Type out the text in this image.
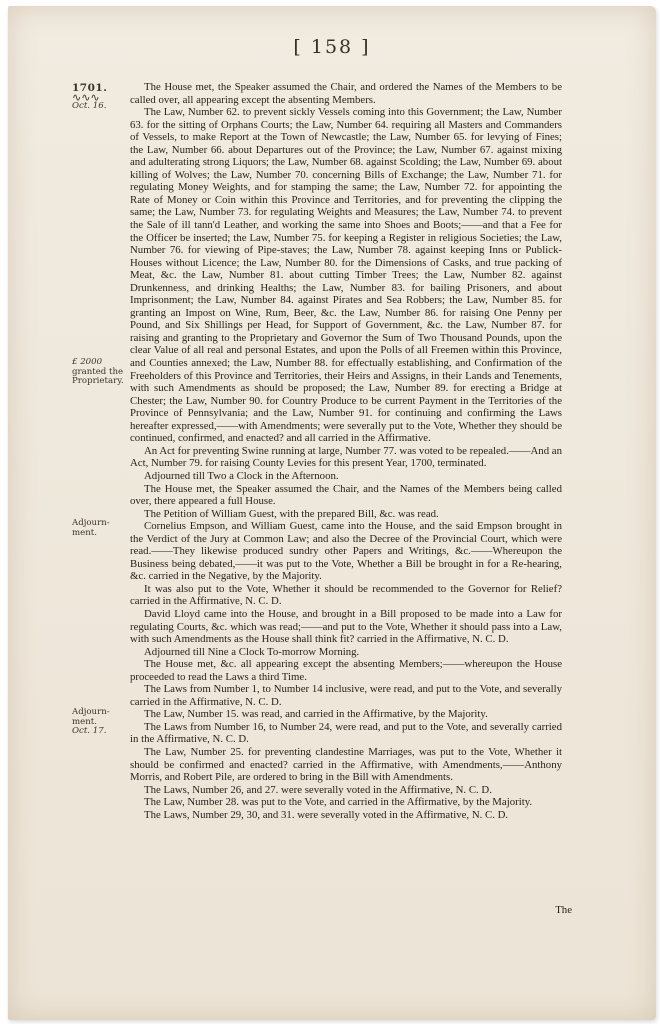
[ 158 ]
1701.
∿∿∿
Oct. 16.
£ 2000
granted the
Proprietary.
Adjourn-
ment.
Adjourn-
ment.
Oct. 17.

The House met, the Speaker assumed the Chair, and ordered the Names of the Members to be called over, all appearing except the absenting Members.

The Law, Number 62. to prevent sickly Vessels coming into this Government; the Law, Number 63. for the sitting of Orphans Courts; the Law, Number 64. requiring all Masters and Commanders of Vessels, to make Report at the Town of Newcastle; the Law, Number 65. for levying of Fines; the Law, Number 66. about Departures out of the Province; the Law, Number 67. against mixing and adulterating strong Liquors; the Law, Number 68. against Scolding; the Law, Number 69. about killing of Wolves; the Law, Number 70. concerning Bills of Exchange; the Law, Number 71. for regulating Money Weights, and for stamping the same; the Law, Number 72. for appointing the Rate of Money or Coin within this Province and Territories, and for preventing the clipping the same; the Law, Number 73. for regulating Weights and Measures; the Law, Number 74. to prevent the Sale of ill tann'd Leather, and working the same into Shoes and Boots;——and that a Fee for the Officer be inserted; the Law, Number 75. for keeping a Register in religious Societies; the Law, Number 76. for viewing of Pipe-staves; the Law, Number 78. against keeping Inns or Publick-Houses without Licence; the Law, Number 80. for the Dimensions of Casks, and true packing of Meat, &c. the Law, Number 81. about cutting Timber Trees; the Law, Number 82. against Drunkenness, and drinking Healths; the Law, Number 83. for bailing Prisoners, and about Imprisonment; the Law, Number 84. against Pirates and Sea Robbers; the Law, Number 85. for granting an Impost on Wine, Rum, Beer, &c. the Law, Number 86. for raising One Penny per Pound, and Six Shillings per Head, for Support of Government, &c. the Law, Number 87. for raising and granting to the Proprietary and Governor the Sum of Two Thousand Pounds, upon the clear Value of all real and personal Estates, and upon the Polls of all Freemen within this Province, and Counties annexed; the Law, Number 88. for effectually establishing, and Confirmation of the Freeholders of this Province and Territories, their Heirs and Assigns, in their Lands and Tenements, with such Amendments as should be proposed; the Law, Number 89. for erecting a Bridge at Chester; the Law, Number 90. for Country Produce to be current Payment in the Territories of the Province of Pennsylvania; and the Law, Number 91. for continuing and confirming the Laws hereafter expressed,——with Amendments; were severally put to the Vote, Whether they should be continued, confirmed, and enacted? and all carried in the Affirmative.

An Act for preventing Swine running at large, Number 77. was voted to be repealed.——And an Act, Number 79. for raising County Levies for this present Year, 1700, terminated.

Adjourned till Two a Clock in the Afternoon.

The House met, the Speaker assumed the Chair, and the Names of the Members being called over, there appeared a full House.

The Petition of William Guest, with the prepared Bill, &c. was read.

Cornelius Empson, and William Guest, came into the House, and the said Empson brought in the Verdict of the Jury at Common Law; and also the Decree of the Provincial Court, which were read.——They likewise produced sundry other Papers and Writings, &c.——Whereupon the Business being debated,——it was put to the Vote, Whether a Bill be brought in for a Re-hearing, &c. carried in the Negative, by the Majority.

It was also put to the Vote, Whether it should be recommended to the Governor for Relief? carried in the Affirmative, N. C. D.

David Lloyd came into the House, and brought in a Bill proposed to be made into a Law for regulating Courts, &c. which was read;——and put to the Vote, Whether it should pass into a Law, with such Amendments as the House shall think fit? carried in the Affirmative, N. C. D.

Adjourned till Nine a Clock To-morrow Morning.

The House met, &c. all appearing except the absenting Members;——whereupon the House proceeded to read the Laws a third Time.

The Laws from Number 1, to Number 14 inclusive, were read, and put to the Vote, and severally carried in the Affirmative, N. C. D.

The Law, Number 15. was read, and carried in the Affirmative, by the Majority.

The Laws from Number 16, to Number 24, were read, and put to the Vote, and severally carried in the Affirmative, N. C. D.

The Law, Number 25. for preventing clandestine Marriages, was put to the Vote, Whether it should be confirmed and enacted? carried in the Affirmative, with Amendments,——Anthony Morris, and Robert Pile, are ordered to bring in the Bill with Amendments.

The Laws, Number 26, and 27. were severally voted in the Affirmative, N. C. D.

The Law, Number 28. was put to the Vote, and carried in the Affirmative, by the Majority.

The Laws, Number 29, 30, and 31. were severally voted in the Affirmative, N. C. D.

The
